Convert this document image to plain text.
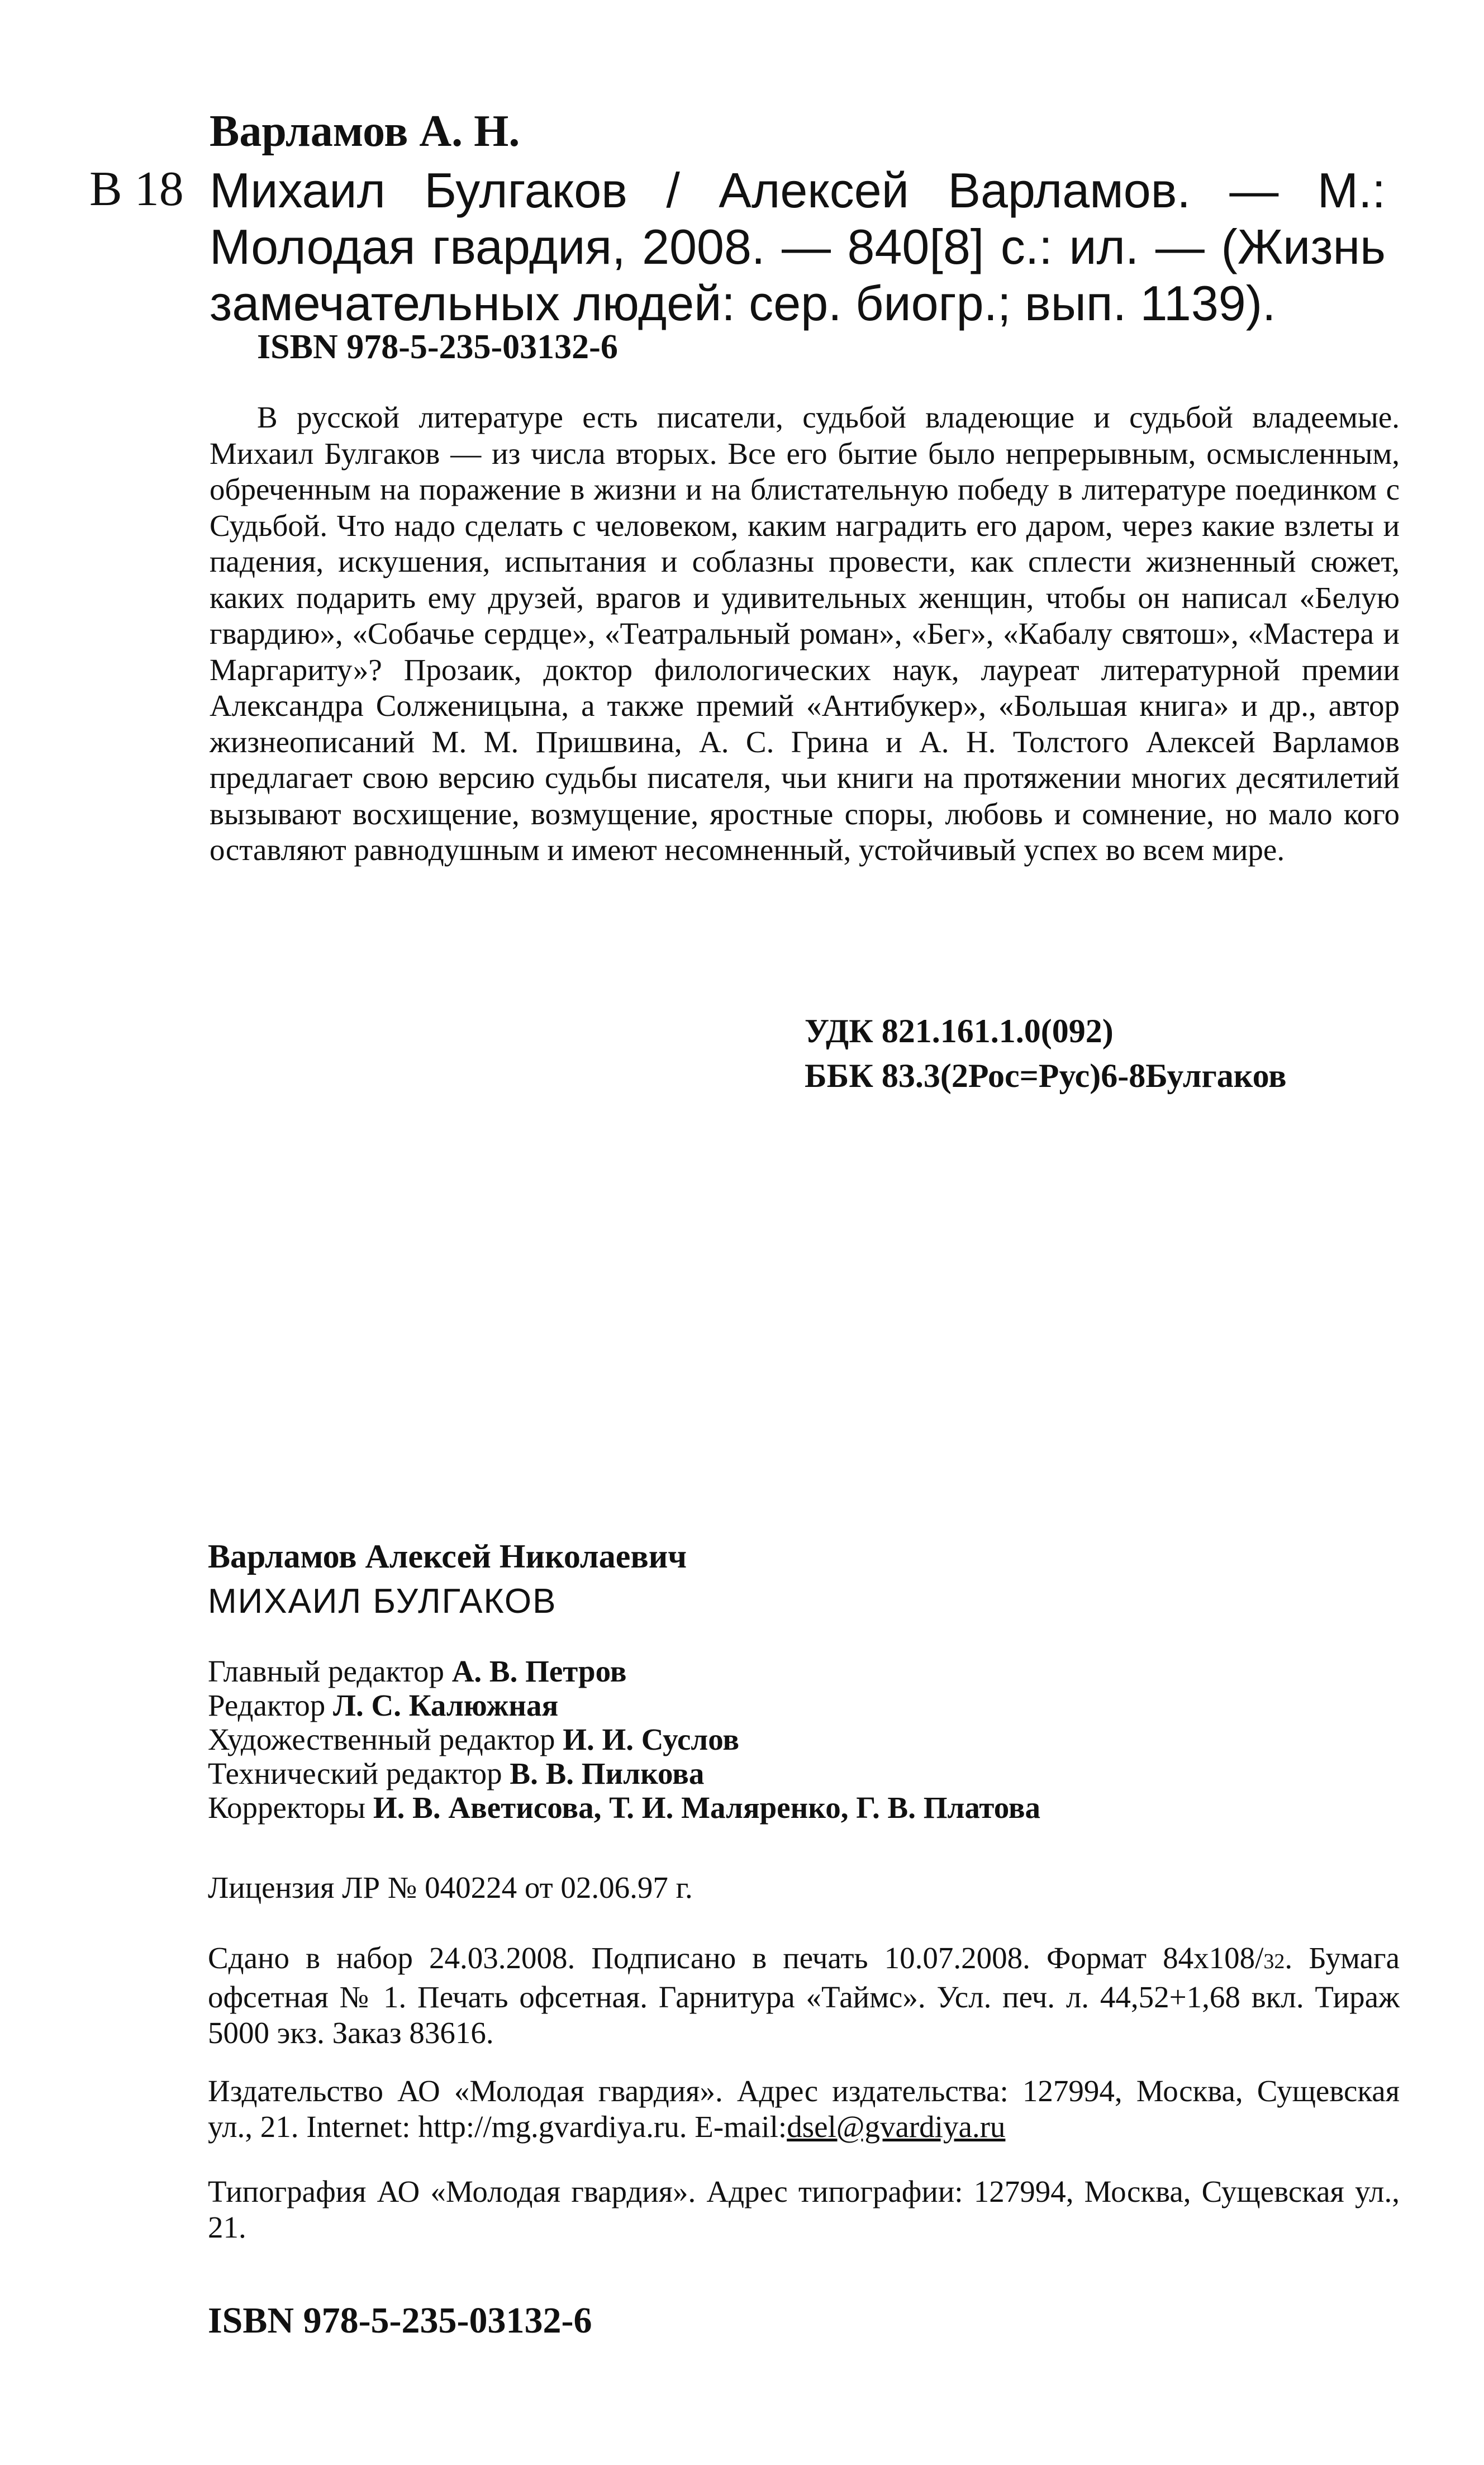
Варламов А. Н.
В 18 Михаил Булгаков / Алексей Варламов. — М.: Молодая гвардия, 2008. — 840[8] с.: ил. — (Жизнь замечательных людей: сер. биогр.; вып. 1139).
ISBN 978-5-235-03132-6

В русской литературе есть писатели, судьбой владеющие и судьбой владеемые. Михаил Булгаков — из числа вторых. Все его бытие было непрерывным, осмысленным, обреченным на поражение в жизни и на блистательную победу в литературе поединком с Судьбой. Что надо сделать с человеком, каким наградить его даром, через какие взлеты и падения, искушения, испытания и соблазны провести, как сплести жизненный сюжет, каких подарить ему друзей, врагов и удивительных женщин, чтобы он написал «Белую гвардию», «Собачье сердце», «Театральный роман», «Бег», «Кабалу святош», «Мастера и Маргариту»? Прозаик, доктор филологических наук, лауреат литературной премии Александра Солженицына, а также премий «Антибукер», «Большая книга» и др., автор жизнеописаний М. М. Пришвина, А. С. Грина и А. Н. Толстого Алексей Варламов предлагает свою версию судьбы писателя, чьи книги на протяжении многих десятилетий вызывают восхищение, возмущение, яростные споры, любовь и сомнение, но мало кого оставляют равнодушным и имеют несомненный, устойчивый успех во всем мире.

УДК 821.161.1.0(092)
ББК 83.3(2Рос=Рус)6-8Булгаков
Варламов Алексей Николаевич
МИХАИЛ БУЛГАКОВ
Главный редактор А. В. Петров
Редактор Л. С. Калюжная
Художественный редактор И. И. Суслов
Технический редактор В. В. Пилкова
Корректоры И. В. Аветисова, Т. И. Маляренко, Г. В. Платова
Лицензия ЛР № 040224 от 02.06.97 г.
Сдано в набор 24.03.2008. Подписано в печать 10.07.2008. Формат 84x108/32. Бумага офсетная № 1. Печать офсетная. Гарнитура «Таймс». Усл. печ. л. 44,52+1,68 вкл. Тираж 5000 экз. Заказ 83616.
Издательство АО «Молодая гвардия». Адрес издательства: 127994, Москва, Сущевская ул., 21. Internet: http://mg.gvardiya.ru. E-mail:dsel@gvardiya.ru
Типография АО «Молодая гвардия». Адрес типографии: 127994, Москва, Сущевская ул., 21.
ISBN 978-5-235-03132-6
